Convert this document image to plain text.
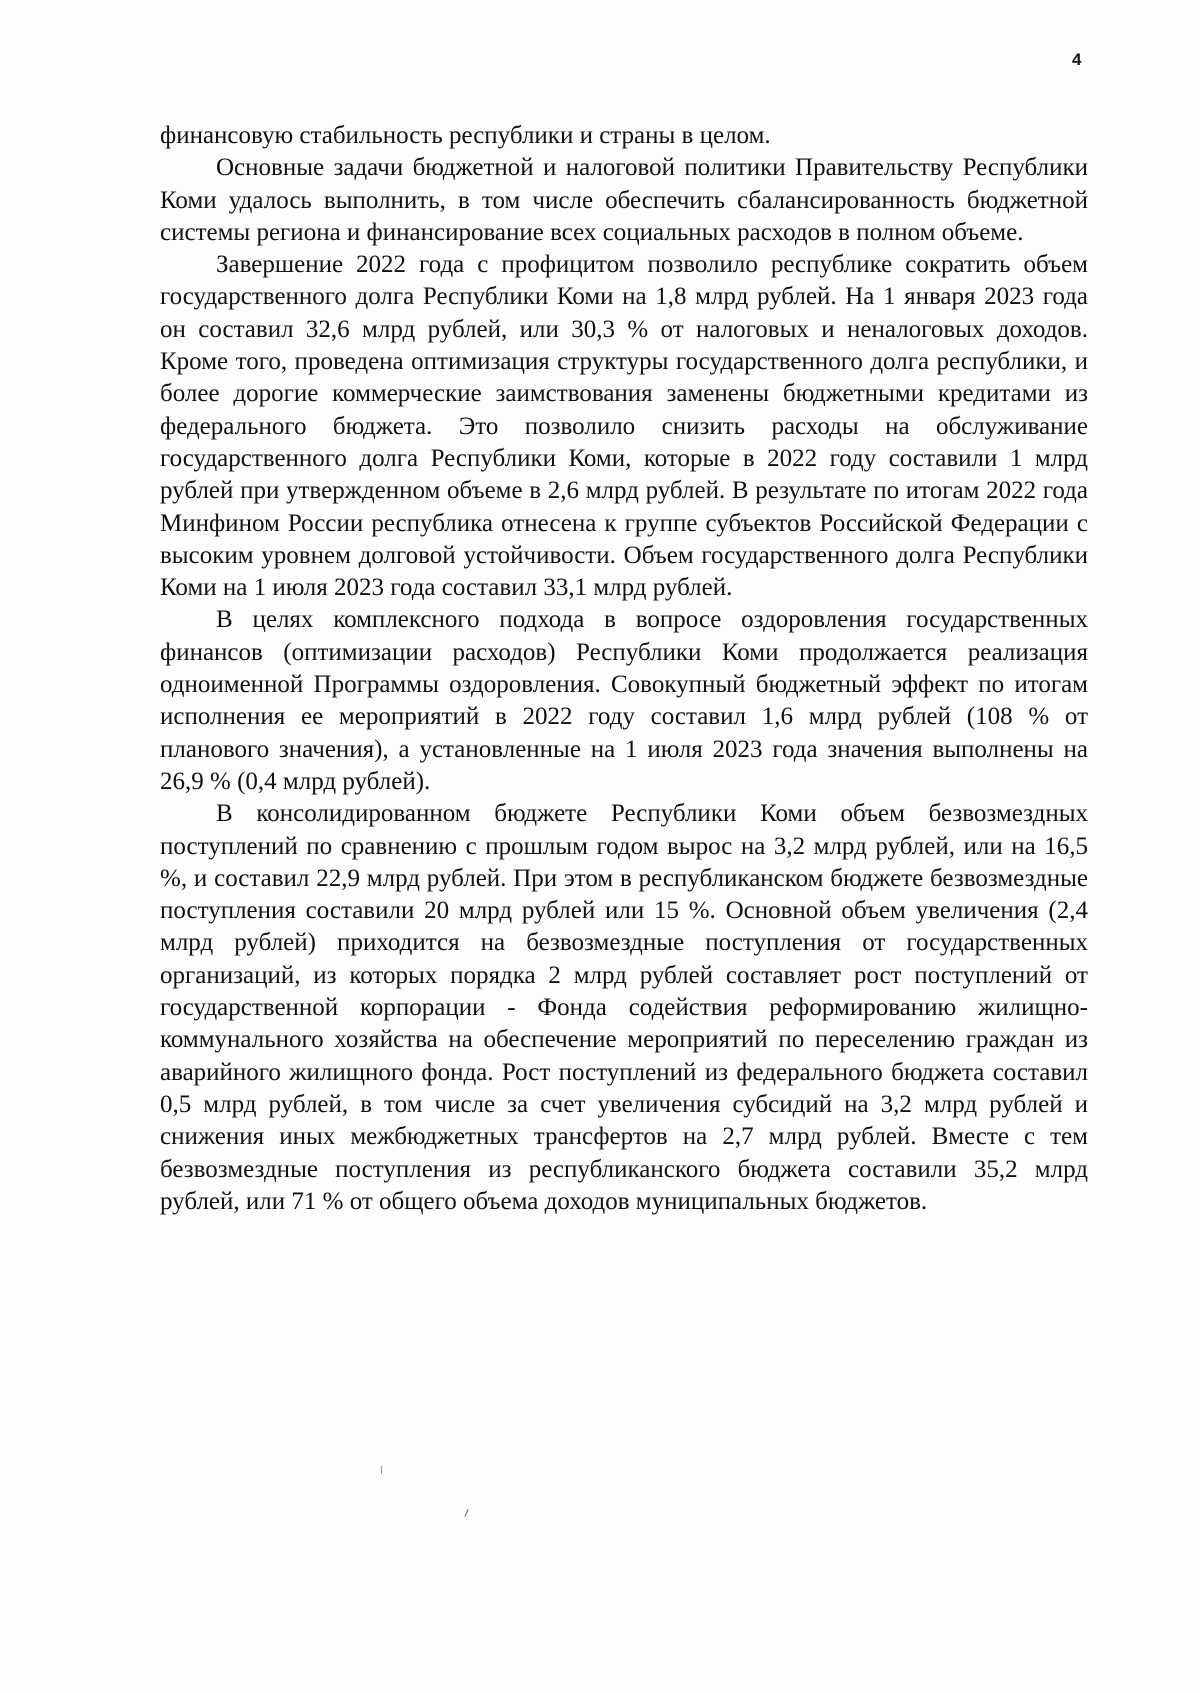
4

финансовую стабильность республики и страны в целом.

Основные задачи бюджетной и налоговой политики Правительству Республики Коми удалось выполнить, в том числе обеспечить сбалансированность бюджетной системы региона и финансирование всех социальных расходов в полном объеме.

Завершение 2022 года с профицитом позволило республике сократить объем государственного долга Республики Коми на 1,8 млрд рублей. На 1 января 2023 года он составил 32,6 млрд рублей, или 30,3 % от налоговых и неналоговых доходов. Кроме того, проведена оптимизация структуры государственного долга республики, и более дорогие коммерческие заимствования заменены бюджетными кредитами из федерального бюджета. Это позволило снизить расходы на обслуживание государственного долга Республики Коми, которые в 2022 году составили 1 млрд рублей при утвержденном объеме в 2,6 млрд рублей. В результате по итогам 2022 года Минфином России республика отнесена к группе субъектов Российской Федерации с высоким уровнем долговой устойчивости. Объем государственного долга Республики Коми на 1 июля 2023 года составил 33,1 млрд рублей.

В целях комплексного подхода в вопросе оздоровления государственных финансов (оптимизации расходов) Республики Коми продолжается реализация одноименной Программы оздоровления. Совокупный бюджетный эффект по итогам исполнения ее мероприятий в 2022 году составил 1,6 млрд рублей (108 % от планового значения), а установленные на 1 июля 2023 года значения выполнены на 26,9 % (0,4 млрд рублей).

В консолидированном бюджете Республики Коми объем безвозмездных поступлений по сравнению с прошлым годом вырос на 3,2 млрд рублей, или на 16,5 %, и составил 22,9 млрд рублей. При этом в республиканском бюджете безвозмездные поступления составили 20 млрд рублей или 15 %. Основной объем увеличения (2,4 млрд рублей) приходится на безвозмездные поступления от государственных организаций, из которых порядка 2 млрд рублей составляет рост поступлений от государственной корпорации - Фонда содействия реформированию жилищно-коммунального хозяйства на обеспечение мероприятий по переселению граждан из аварийного жилищного фонда. Рост поступлений из федерального бюджета составил 0,5 млрд рублей, в том числе за счет увеличения субсидий на 3,2 млрд рублей и снижения иных межбюджетных трансфертов на 2,7 млрд рублей. Вместе с тем безвозмездные поступления из республиканского бюджета составили 35,2 млрд рублей, или 71 % от общего объема доходов муниципальных бюджетов.
